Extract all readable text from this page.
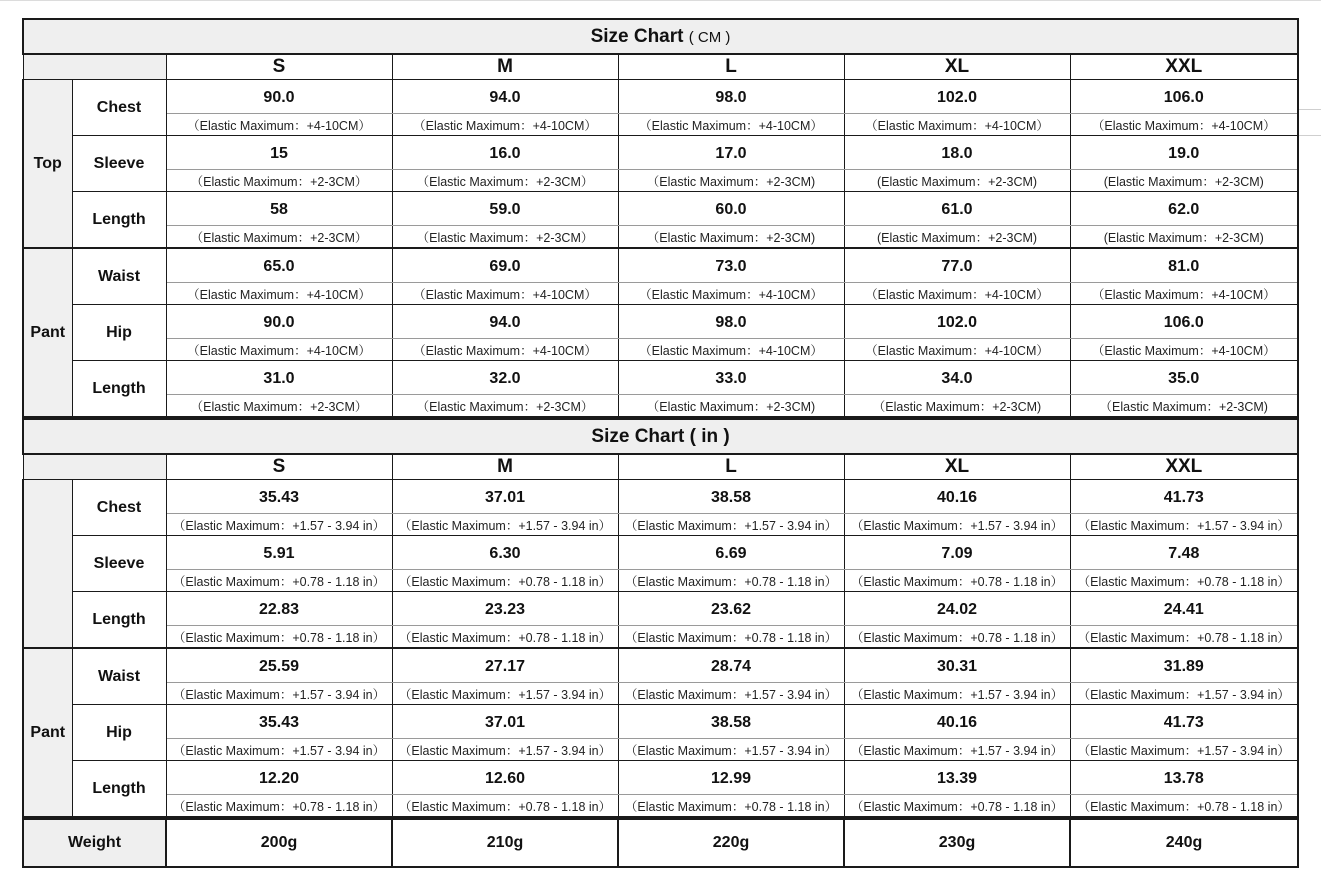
Size Chart ( CM )						
		S	M	L	XL	XXL
Top	Chest	90.0	94.0	98.0	102.0	106.0
		（Elastic Maximum：+4-10CM）	（Elastic Maximum：+4-10CM）	（Elastic Maximum：+4-10CM）	（Elastic Maximum：+4-10CM）	（Elastic Maximum：+4-10CM）
	Sleeve	15	16.0	17.0	18.0	19.0
		（Elastic Maximum：+2-3CM）	（Elastic Maximum：+2-3CM）	（Elastic Maximum：+2-3CM)	(Elastic Maximum：+2-3CM)	(Elastic Maximum：+2-3CM)
	Length	58	59.0	60.0	61.0	62.0
		（Elastic Maximum：+2-3CM）	（Elastic Maximum：+2-3CM）	（Elastic Maximum：+2-3CM)	(Elastic Maximum：+2-3CM)	(Elastic Maximum：+2-3CM)
Pant	Waist	65.0	69.0	73.0	77.0	81.0
		（Elastic Maximum：+4-10CM）	（Elastic Maximum：+4-10CM）	（Elastic Maximum：+4-10CM）	（Elastic Maximum：+4-10CM）	（Elastic Maximum：+4-10CM）
	Hip	90.0	94.0	98.0	102.0	106.0
		（Elastic Maximum：+4-10CM）	（Elastic Maximum：+4-10CM）	（Elastic Maximum：+4-10CM）	（Elastic Maximum：+4-10CM）	（Elastic Maximum：+4-10CM）
	Length	31.0	32.0	33.0	34.0	35.0
		（Elastic Maximum：+2-3CM）	（Elastic Maximum：+2-3CM）	（Elastic Maximum：+2-3CM)	（Elastic Maximum：+2-3CM)	（Elastic Maximum：+2-3CM)
Size Chart ( in )						
		S	M	L	XL	XXL
	Chest	35.43	37.01	38.58	40.16	41.73
		（Elastic Maximum：+1.57 - 3.94 in）	（Elastic Maximum：+1.57 - 3.94 in）	（Elastic Maximum：+1.57 - 3.94 in）	（Elastic Maximum：+1.57 - 3.94 in）	（Elastic Maximum：+1.57 - 3.94 in）
	Sleeve	5.91	6.30	6.69	7.09	7.48
		（Elastic Maximum：+0.78 - 1.18 in）	（Elastic Maximum：+0.78 - 1.18 in）	（Elastic Maximum：+0.78 - 1.18 in）	（Elastic Maximum：+0.78 - 1.18 in）	（Elastic Maximum：+0.78 - 1.18 in）
	Length	22.83	23.23	23.62	24.02	24.41
		（Elastic Maximum：+0.78 - 1.18 in）	（Elastic Maximum：+0.78 - 1.18 in）	（Elastic Maximum：+0.78 - 1.18 in）	（Elastic Maximum：+0.78 - 1.18 in）	（Elastic Maximum：+0.78 - 1.18 in）
Pant	Waist	25.59	27.17	28.74	30.31	31.89
		（Elastic Maximum：+1.57 - 3.94 in）	（Elastic Maximum：+1.57 - 3.94 in）	（Elastic Maximum：+1.57 - 3.94 in）	（Elastic Maximum：+1.57 - 3.94 in）	（Elastic Maximum：+1.57 - 3.94 in）
	Hip	35.43	37.01	38.58	40.16	41.73
		（Elastic Maximum：+1.57 - 3.94 in）	（Elastic Maximum：+1.57 - 3.94 in）	（Elastic Maximum：+1.57 - 3.94 in）	（Elastic Maximum：+1.57 - 3.94 in）	（Elastic Maximum：+1.57 - 3.94 in）
	Length	12.20	12.60	12.99	13.39	13.78
		（Elastic Maximum：+0.78 - 1.18 in）	（Elastic Maximum：+0.78 - 1.18 in）	（Elastic Maximum：+0.78 - 1.18 in）	（Elastic Maximum：+0.78 - 1.18 in）	（Elastic Maximum：+0.78 - 1.18 in）
Weight	200g	210g	220g	230g	240g
